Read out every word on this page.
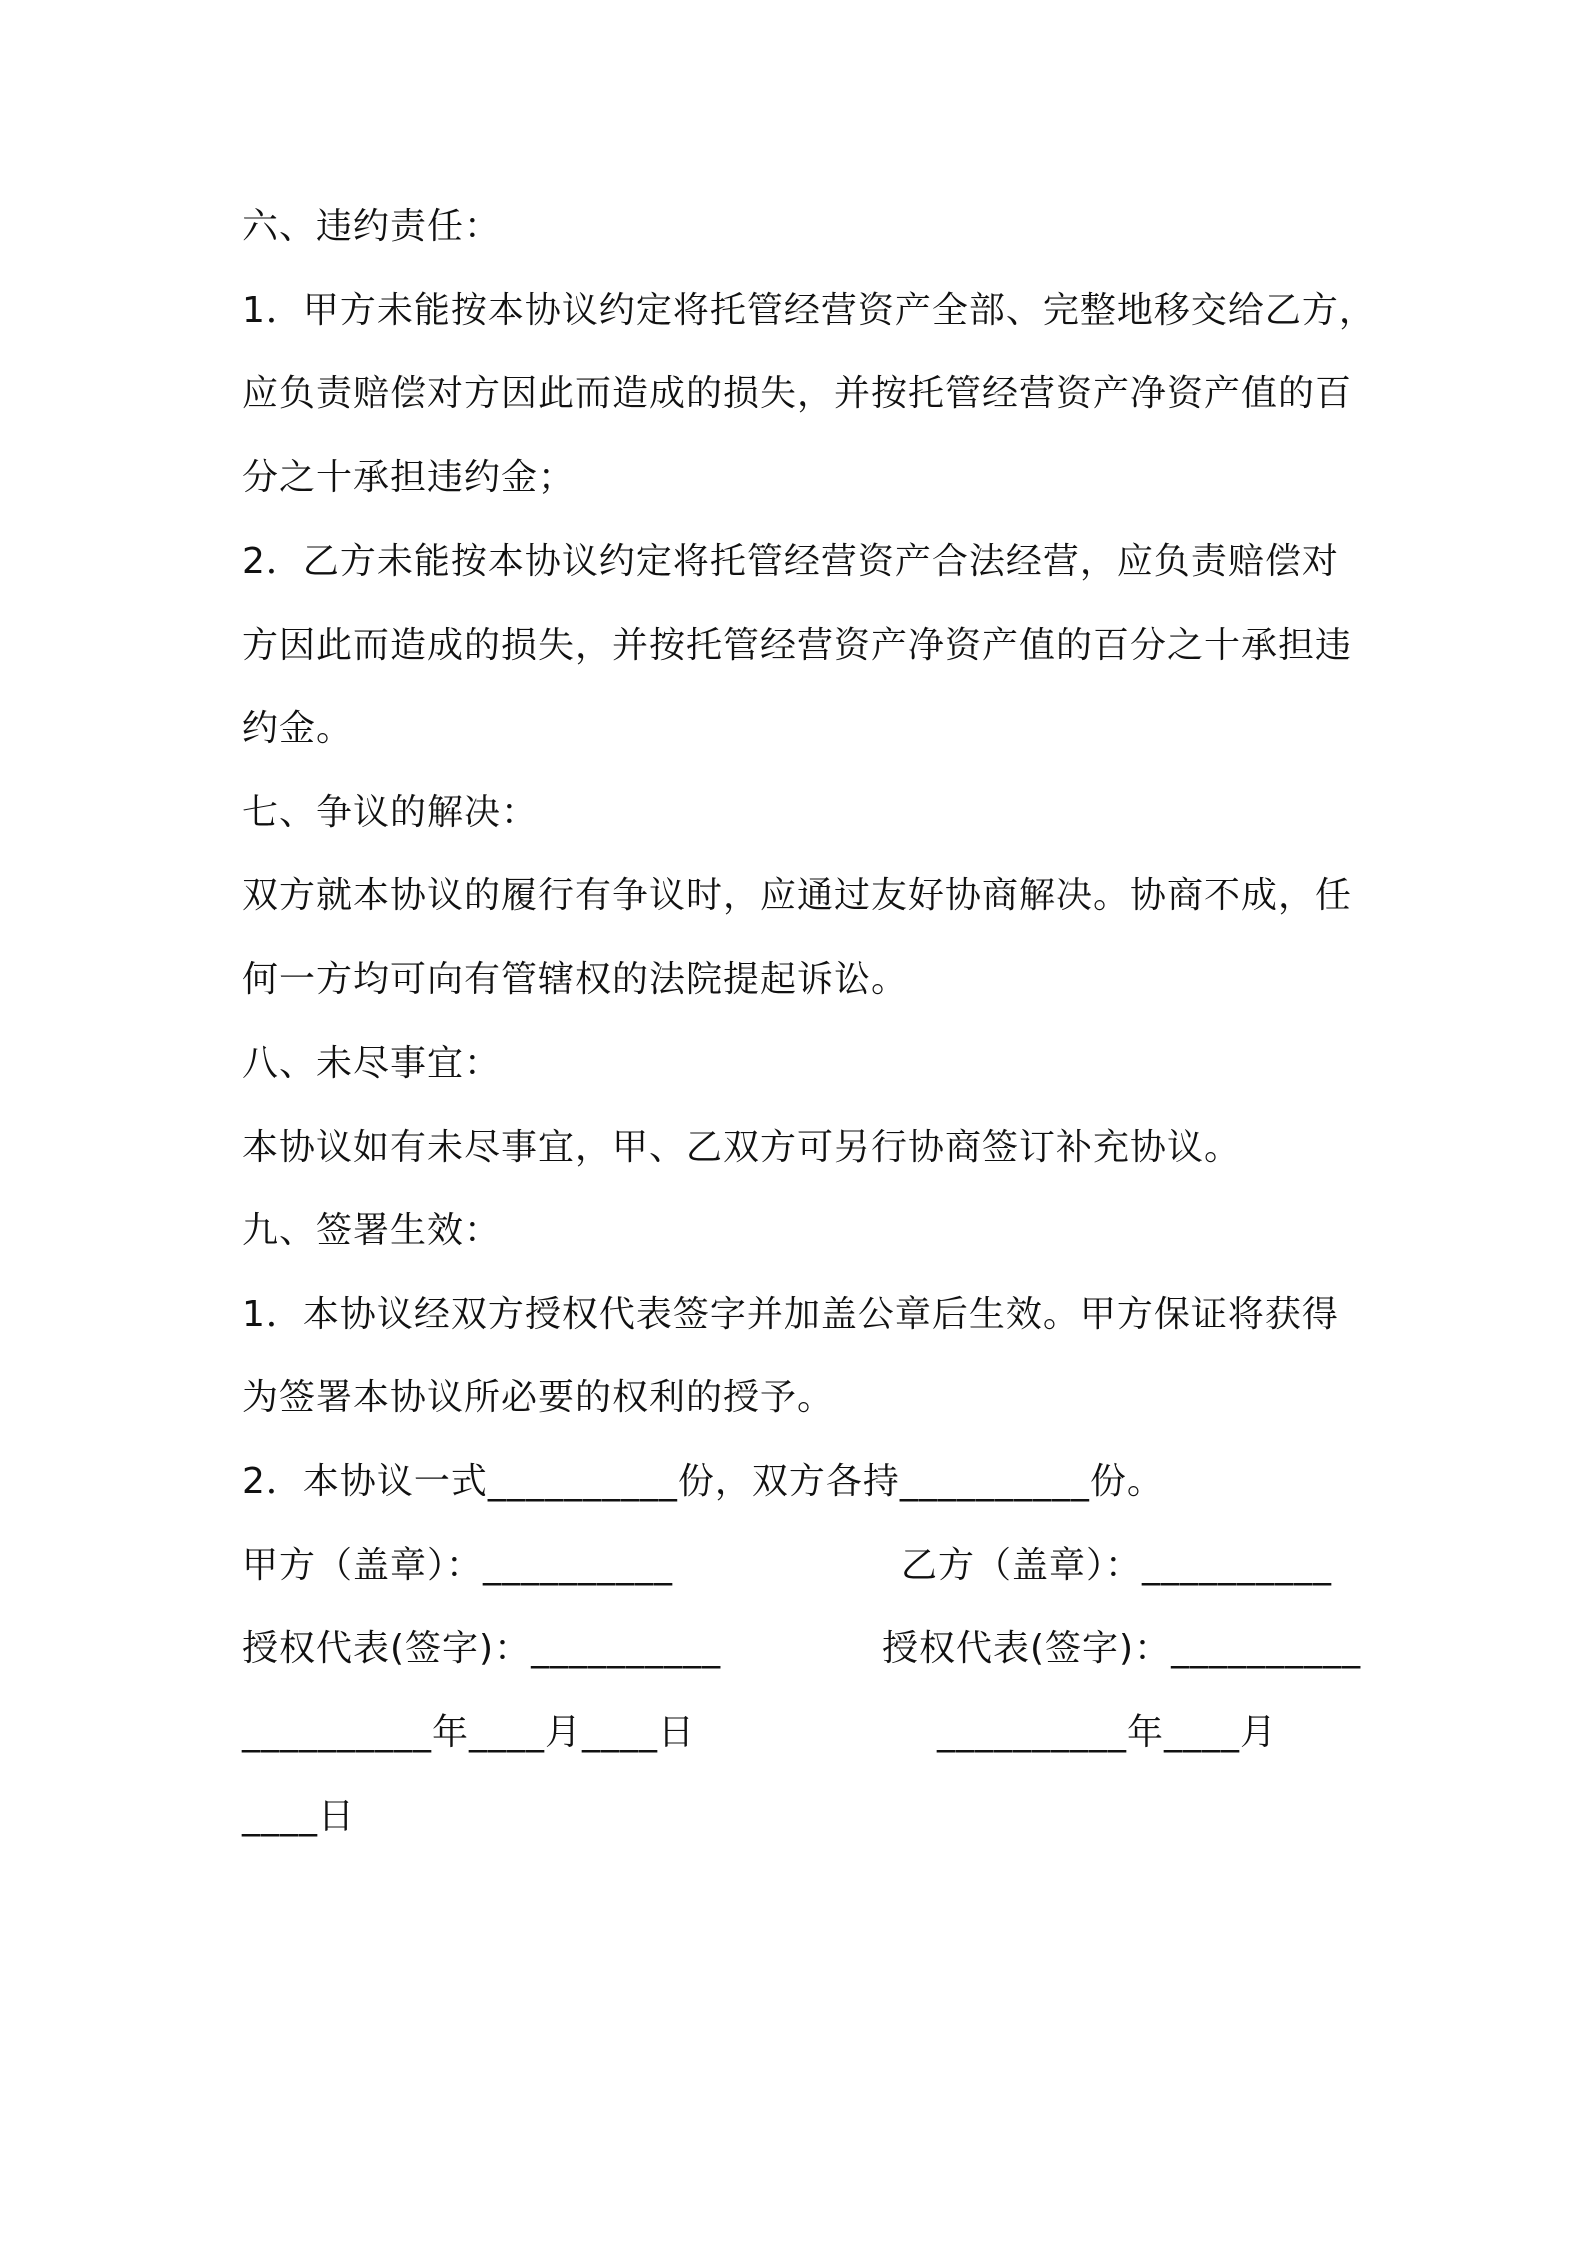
六、违约责任：
1．甲方未能按本协议约定将托管经营资产全部、完整地移交给乙方，
应负责赔偿对方因此而造成的损失，并按托管经营资产净资产值的百
分之十承担违约金；
2．乙方未能按本协议约定将托管经营资产合法经营，应负责赔偿对
方因此而造成的损失，并按托管经营资产净资产值的百分之十承担违
约金。
七、争议的解决：
双方就本协议的履行有争议时，应通过友好协商解决。协商不成，任
何一方均可向有管辖权的法院提起诉讼。
八、未尽事宜：
本协议如有未尽事宜，甲、乙双方可另行协商签订补充协议。
九、签署生效：
1．本协议经双方授权代表签字并加盖公章后生效。甲方保证将获得
为签署本协议所必要的权利的授予。
2．本协议一式__________份，双方各持__________份。
甲方（盖章）：__________	乙方（盖章）：__________
授权代表(签字)：__________	授权代表(签字)：__________
__________年____月____日	__________年____月
____日
